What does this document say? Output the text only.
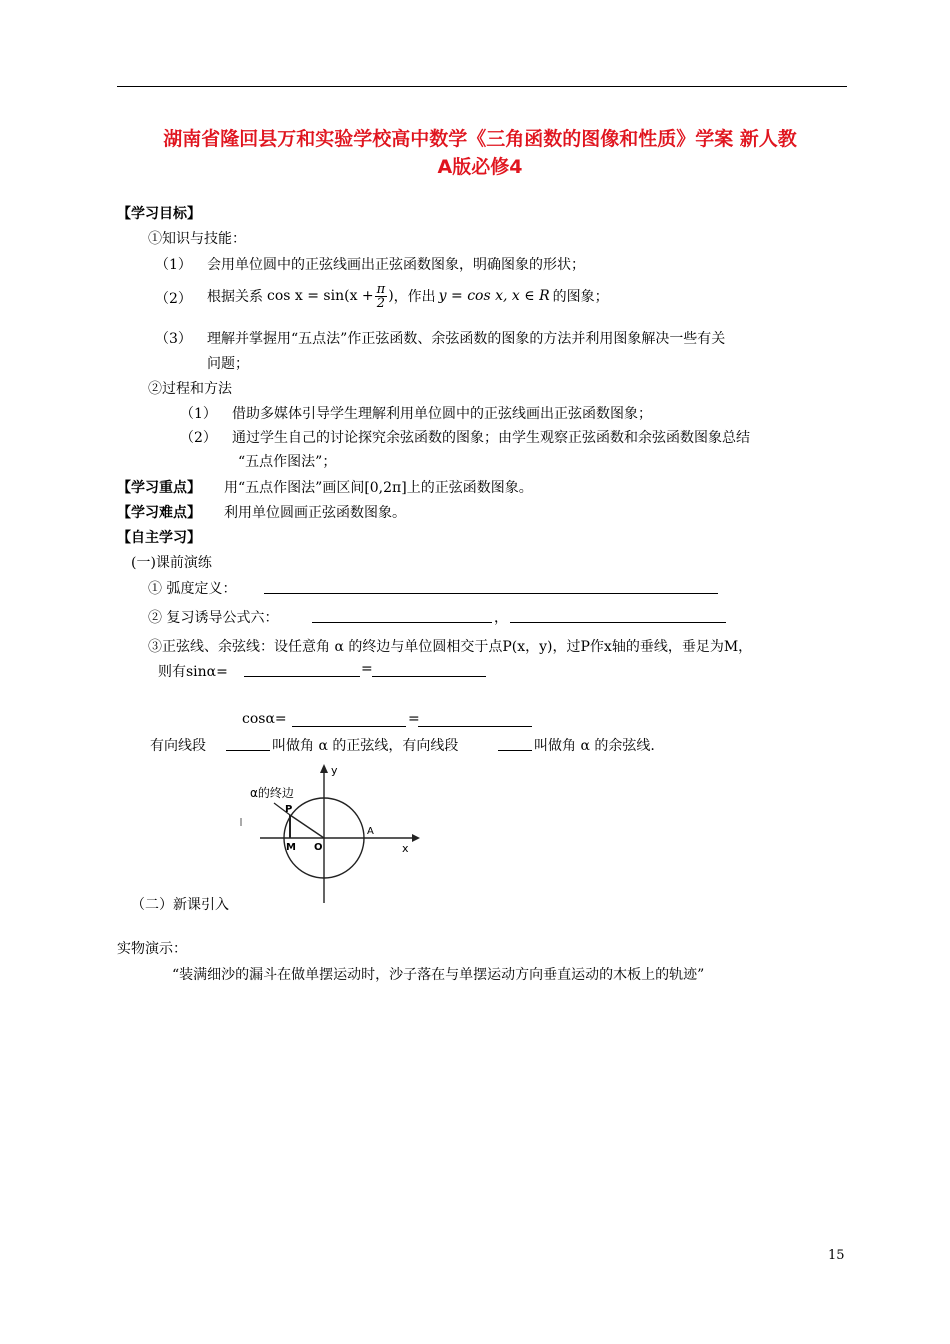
湖南省隆回县万和实验学校高中数学《三角函数的图像和性质》学案 新人教
A版必修4
【学习目标】
①知识与技能：
（1） 会用单位圆中的正弦线画出正弦函数图象，明确图象的形状；
（2） 根据关系 $\cos x = \sin(x + \frac{\pi}{2}$ ) ，作出 y = cos x, x ∈ R 的图象；
（3） 理解并掌握用“五点法”作正弦函数、余弦函数的图象的方法并利用图象解决一些有关
问题；
②过程和方法
（1） 借助多媒体引导学生理解利用单位圆中的正弦线画出正弦函数图象；
（2） 通过学生自己的讨论探究余弦函数的图象；由学生观察正弦函数和余弦函数图象总结
“五点作图法”；
【学习重点】 用“五点作图法”画区间[0,2π]上的正弦函数图象。
【学习难点】 利用单位圆画正弦函数图象。
【自主学习】
(一)课前演练
① 弧度定义：
② 复习诱导公式六：	，
③正弦线、余弦线：设任意角 α 的终边与单位圆相交于点P(x，y)，过P作x轴的垂线，垂足为M，
则有sinα=	=
cosα=	=
有向线段	叫做角 α 的正弦线，有向线段	叫做角 α 的余弦线.
α的终边
y
x
P
A
M O
（二）新课引入
实物演示：
“装满细沙的漏斗在做单摆运动时，沙子落在与单摆运动方向垂直运动的木板上的轨迹”
15
